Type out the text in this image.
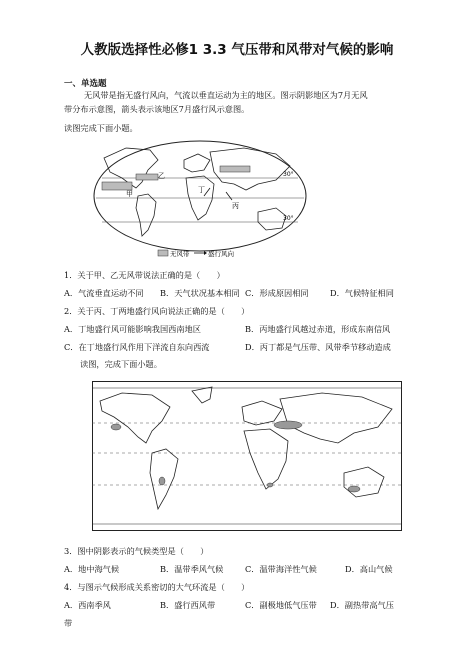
人教版选择性必修1 3.3 气压带和风带对气候的影响
一、单选题
无风带是指无盛行风向，气流以垂直运动为主的地区。图示阴影地区为7月无风
带分布示意图，箭头表示该地区7月盛行风示意图。
读图完成下面小题。
30°
30°
甲
乙
丙
丁
无风带	盛行风向
1．关于甲、乙无风带说法正确的是（　　）
A．气流垂直运动不同 B．天气状况基本相同 C．形成原因相同	D．气候特征相同
2．关于丙、丁两地盛行风向说法正确的是（　　）
A．丁地盛行风可能影响我国西南地区	B．丙地盛行风越过赤道，形成东南信风
C．在丁地盛行风作用下洋流自东向西流	D．丙丁都是气压带、风带季节移动造成
读图，完成下面小题。
3．图中阴影表示的气候类型是（　　）
A．地中海气候	B．温带季风气候	C．温带海洋性气候	D．高山气候
4．与图示气候形成关系密切的大气环流是（　　）
A．西南季风	B．盛行西风带	C．副极地低气压带 D．副热带高气压
带
